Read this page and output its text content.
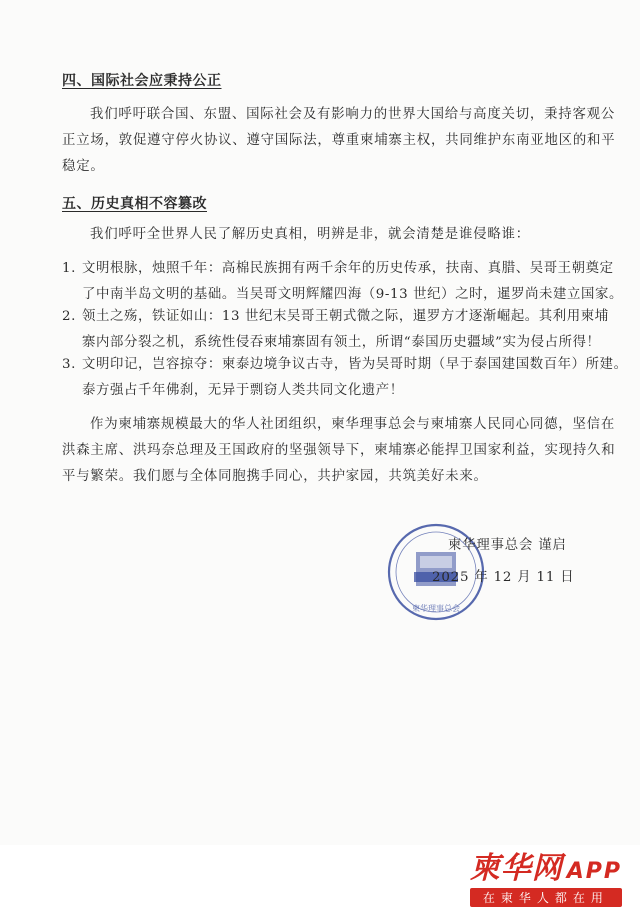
四、国际社会应秉持公正
我们呼吁联合国、东盟、国际社会及有影响力的世界大国给与高度关切，秉持客观公
正立场，敦促遵守停火协议、遵守国际法，尊重柬埔寨主权，共同维护东南亚地区的和平
稳定。
五、历史真相不容篡改
我们呼吁全世界人民了解历史真相，明辨是非，就会清楚是谁侵略谁：
1. 文明根脉，烛照千年：高棉民族拥有两千余年的历史传承，扶南、真腊、吴哥王朝奠定
了中南半岛文明的基础。当吴哥文明辉耀四海（9-13 世纪）之时，暹罗尚未建立国家。
2. 领土之殇，铁证如山：13 世纪末吴哥王朝式微之际，暹罗方才逐渐崛起。其利用柬埔
寨内部分裂之机，系统性侵吞柬埔寨固有领土，所谓“泰国历史疆域”实为侵占所得！
3. 文明印记，岂容掠夺：柬泰边境争议古寺，皆为吴哥时期（早于泰国建国数百年）所建。
泰方强占千年佛刹，无异于剽窃人类共同文化遗产！
作为柬埔寨规模最大的华人社团组织，柬华理事总会与柬埔寨人民同心同德，坚信在
洪森主席、洪玛奈总理及王国政府的坚强领导下，柬埔寨必能捍卫国家利益，实现持久和
平与繁荣。我们愿与全体同胞携手同心，共护家园，共筑美好未来。
柬华理事总会
柬华理事总会 谨启
2025 年 12 月 11 日
柬华网 APP
在柬华人都在用
